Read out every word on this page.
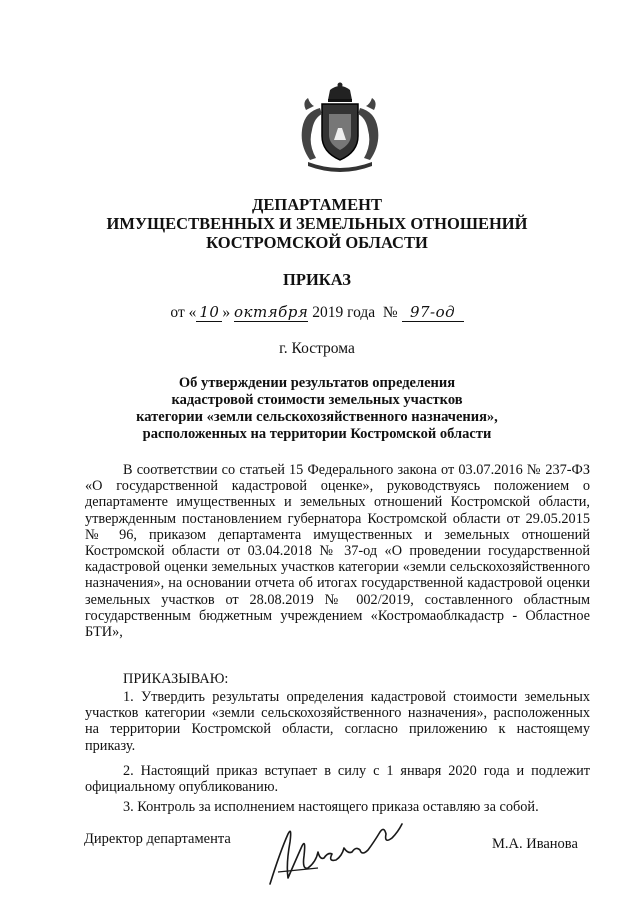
ДЕПАРТАМЕНТ
ИМУЩЕСТВЕННЫХ И ЗЕМЕЛЬНЫХ ОТНОШЕНИЙ
КОСТРОМСКОЙ ОБЛАСТИ
ПРИКАЗ
от « 10 » октября 2019 года № 97-од
г. Кострома
Об утверждении результатов определения
кадастровой стоимости земельных участков
категории «земли сельскохозяйственного назначения»,
расположенных на территории Костромской области
В соответствии со статьей 15 Федерального закона от 03.07.2016 № 237-ФЗ «О государственной кадастровой оценке», руководствуясь положением о департаменте имущественных и земельных отношений Костромской области, утвержденным постановлением губернатора Костромской области от 29.05.2015 № 96, приказом департамента имущественных и земельных отношений Костромской области от 03.04.2018 № 37-од «О проведении государственной кадастровой оценки земельных участков категории «земли сельскохозяйственного назначения», на основании отчета об итогах государственной кадастровой оценки земельных участков от 28.08.2019 № 002/2019, составленного областным государственным бюджетным учреждением «Костромаоблкадастр - Областное БТИ»,
ПРИКАЗЫВАЮ:
1. Утвердить результаты определения кадастровой стоимости земельных участков категории «земли сельскохозяйственного назначения», расположенных на территории Костромской области, согласно приложению к настоящему приказу.
2. Настоящий приказ вступает в силу с 1 января 2020 года и подлежит официальному опубликованию.
3. Контроль за исполнением настоящего приказа оставляю за собой.
Директор департамента	М.А. Иванова
